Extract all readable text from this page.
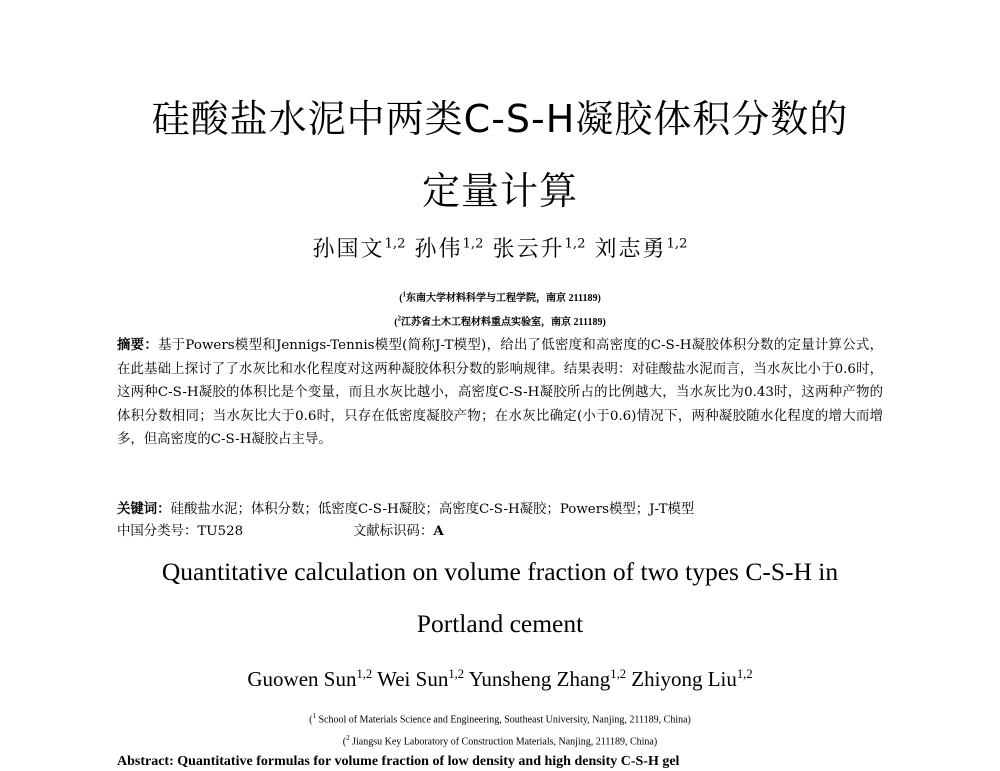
硅酸盐水泥中两类C-S-H凝胶体积分数的
定量计算
孙国文$^{1,2}$ 孙伟$^{1,2}$ 张云升$^{1,2}$ 刘志勇$^{1,2}$
($^1$东南大学材料科学与工程学院，南京 211189)
($^2$江苏省土木工程材料重点实验室，南京 211189)

摘要：基于Powers模型和Jennigs-Tennis模型(简称J-T模型)，给出了低密度和高密度的C-S-H凝胶体积分数的定量计算公式，在此基础上探讨了了水灰比和水化程度对这两种凝胶体积分数的影响规律。结果表明：对硅酸盐水泥而言，当水灰比小于0.6时，这两种C-S-H凝胶的体积比是个变量，而且水灰比越小，高密度C-S-H凝胶所占的比例越大，当水灰比为0.43时，这两种产物的体积分数相同；当水灰比大于0.6时，只存在低密度凝胶产物；在水灰比确定(小于0.6)情况下，两种凝胶随水化程度的增大而增多，但高密度的C-S-H凝胶占主导。

关键词：硅酸盐水泥；体积分数；低密度C-S-H凝胶；高密度C-S-H凝胶；Powers模型；J-T模型

中国分类号：TU528	文献标识码：A

Quantitative calculation on volume fraction of two types C-S-H in
Portland cement
Guowen Sun$^{1,2}$ Wei Sun$^{1,2}$ Yunsheng Zhang$^{1,2}$ Zhiyong Liu$^{1,2}$
($^1$ School of Materials Science and Engineering, Southeast University, Nanjing, 211189, China)
($^2$ Jiangsu Key Laboratory of Construction Materials, Nanjing, 211189, China)
Abstract: Quantitative formulas for volume fraction of low density and high density C-S-H gel
